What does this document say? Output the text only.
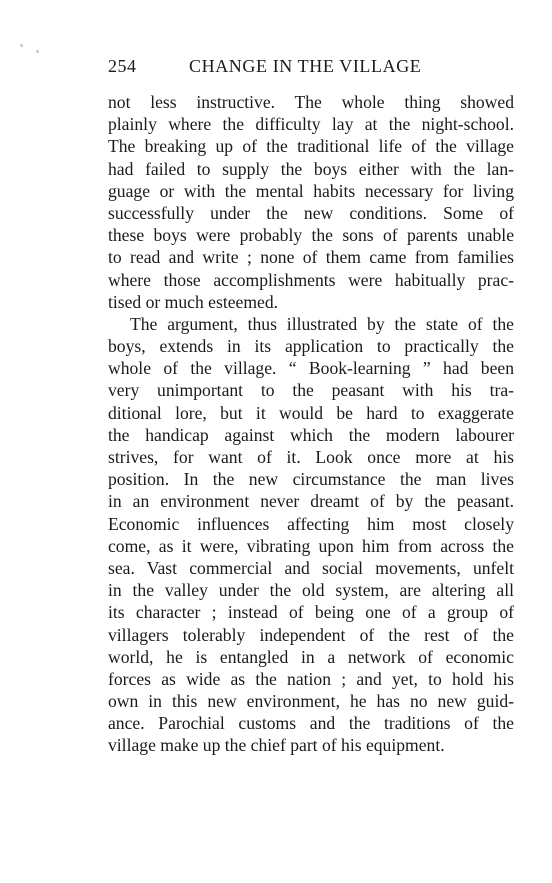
254	CHANGE IN THE VILLAGE
not less instructive. The whole thing showed
plainly where the difficulty lay at the night-school.
The breaking up of the traditional life of the village
had failed to supply the boys either with the lan-
guage or with the mental habits necessary for living
successfully under the new conditions. Some of
these boys were probably the sons of parents unable
to read and write ; none of them came from families
where those accomplishments were habitually prac-
tised or much esteemed.
The argument, thus illustrated by the state of the
boys, extends in its application to practically the
whole of the village. “ Book-learning ” had been
very unimportant to the peasant with his tra-
ditional lore, but it would be hard to exaggerate
the handicap against which the modern labourer
strives, for want of it. Look once more at his
position. In the new circumstance the man lives
in an environment never dreamt of by the peasant.
Economic influences affecting him most closely
come, as it were, vibrating upon him from across the
sea. Vast commercial and social movements, unfelt
in the valley under the old system, are altering all
its character ; instead of being one of a group of
villagers tolerably independent of the rest of the
world, he is entangled in a network of economic
forces as wide as the nation ; and yet, to hold his
own in this new environment, he has no new guid-
ance. Parochial customs and the traditions of the
village make up the chief part of his equipment.
